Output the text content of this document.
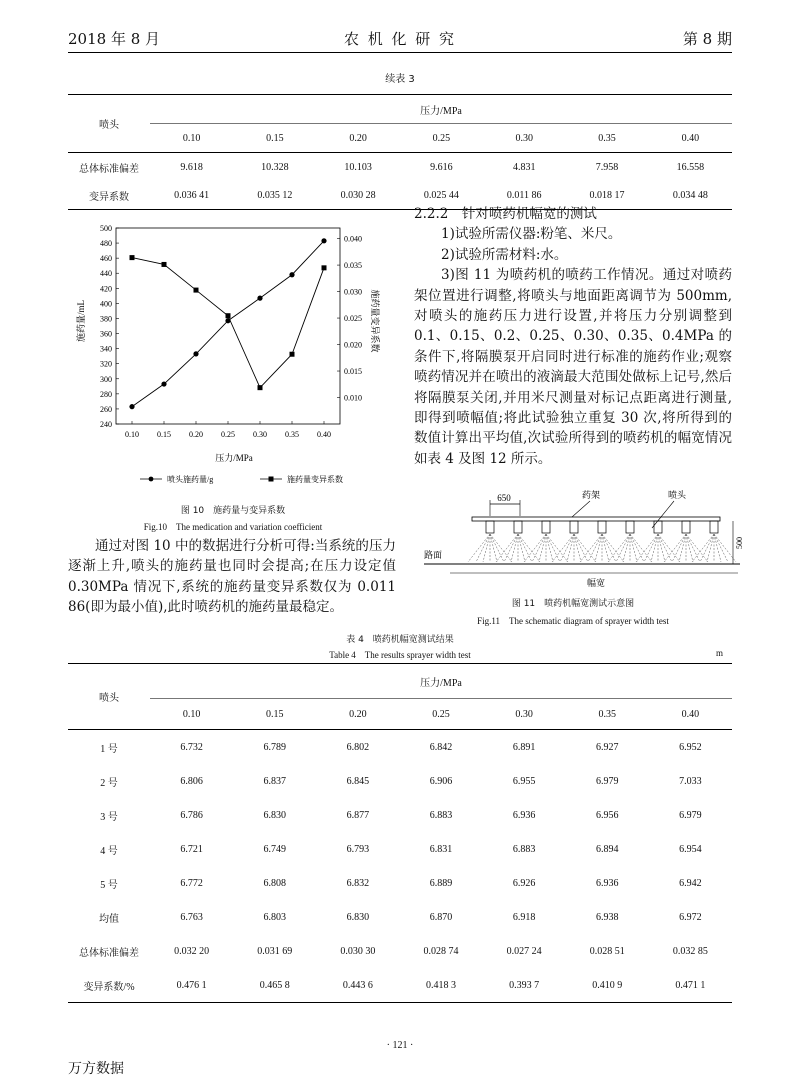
2018 年 8 月	农 机 化 研 究	第 8 期
续表 3
喷头	压力/MPa						
	0.10	0.15	0.20	0.25	0.30	0.35	0.40
总体标准偏差	9.618	10.328	10.103	9.616	4.831	7.958	16.558
变异系数	0.036 41	0.035 12	0.030 28	0.025 44	0.011 86	0.018 17	0.034 48
500
480
460
440
420
400
380
360
340
320
300
280
260
240
0.040
0.035
0.030
0.025
0.020
0.015
0.010
0.10 0.15 0.20 0.25 0.30 0.35 0.40
施药量/mL	施药量变异系数
压力/MPa
喷头施药量/g	施药量变异系数
图 10　施药量与变异系数
Fig.10　The medication and variation coefficient

通过对图 10 中的数据进行分析可得:当系统的压力逐渐上升,喷头的施药量也同时会提高;在压力设定值 0.30MPa 情况下,系统的施药量变异系数仅为 0.011 86(即为最小值),此时喷药机的施药量最稳定。

2.2.2　针对喷药机幅宽的测试

1)试验所需仪器:粉笔、米尺。

2)试验所需材料:水。

3)图 11 为喷药机的喷药工作情况。通过对喷药架位置进行调整,将喷头与地面距离调节为 500mm,对喷头的施药压力进行设置,并将压力分别调整到 0.1、0.15、0.2、0.25、0.30、0.35、0.4MPa 的条件下,将隔膜泵开启同时进行标准的施药作业;观察喷药情况并在喷出的液滴最大范围处做标上记号,然后将隔膜泵关闭,并用米尺测量对标记点距离进行测量,即得到喷幅值;将此试验独立重复 30 次,将所得到的数值计算出平均值,次试验所得到的喷药机的幅宽情况如表 4 及图 12 所示。

650	药架	喷头
路面
500
幅宽
图 11　喷药机幅宽测试示意图
Fig.11　The schematic diagram of sprayer width test
表 4　喷药机幅宽测试结果
Table 4　The results sprayer width test	m
喷头	压力/MPa						
	0.10	0.15	0.20	0.25	0.30	0.35	0.40
1 号	6.732	6.789	6.802	6.842	6.891	6.927	6.952
2 号	6.806	6.837	6.845	6.906	6.955	6.979	7.033
3 号	6.786	6.830	6.877	6.883	6.936	6.956	6.979
4 号	6.721	6.749	6.793	6.831	6.883	6.894	6.954
5 号	6.772	6.808	6.832	6.889	6.926	6.936	6.942
均值	6.763	6.803	6.830	6.870	6.918	6.938	6.972
总体标准偏差	0.032 20	0.031 69	0.030 30	0.028 74	0.027 24	0.028 51	0.032 85
变异系数/%	0.476 1	0.465 8	0.443 6	0.418 3	0.393 7	0.410 9	0.471 1
· 121 ·
万方数据
